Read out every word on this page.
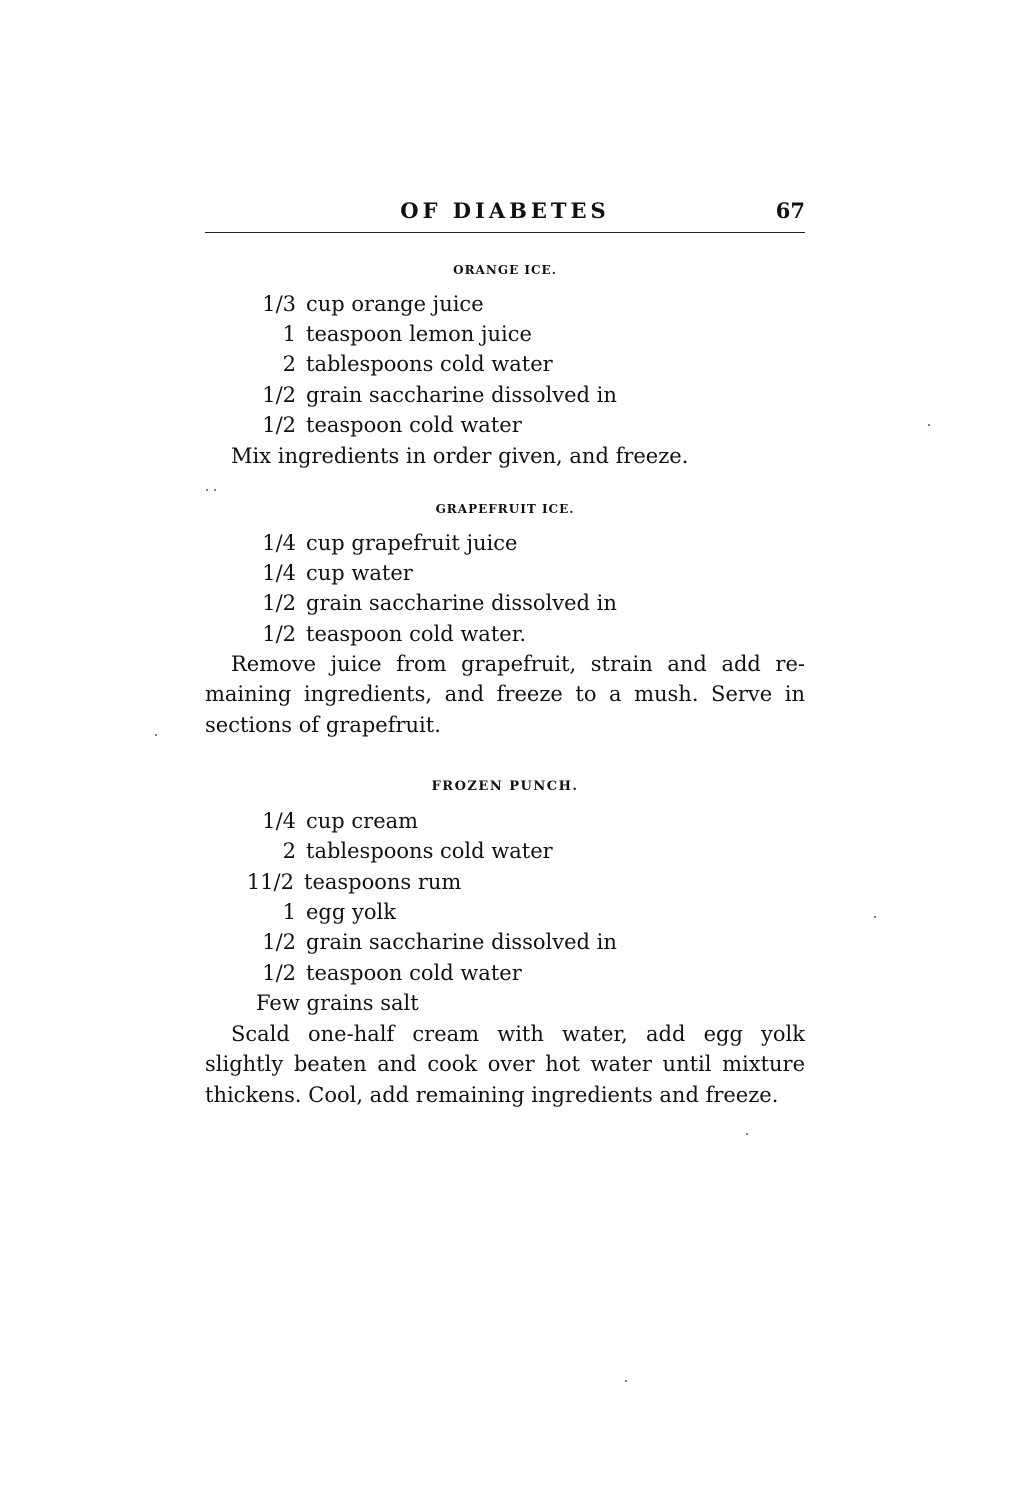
OF DIABETES	67
ORANGE ICE.
1/3 cup orange juice
1 teaspoon lemon juice
2 tablespoons cold water
1/2 grain saccharine dissolved in
1/2 teaspoon cold water
Mix ingredients in order given, and freeze.
GRAPEFRUIT ICE.
1/4 cup grapefruit juice
1/4 cup water
1/2 grain saccharine dissolved in
1/2 teaspoon cold water.
Remove juice from grapefruit, strain and add re-maining ingredients, and freeze to a mush. Serve in sections of grapefruit.
FROZEN PUNCH.
1/4 cup cream
2 tablespoons cold water
11/2 teaspoons rum
1 egg yolk
1/2 grain saccharine dissolved in
1/2 teaspoon cold water
Few grains salt
Scald one-half cream with water, add egg yolk slightly beaten and cook over hot water until mixture thickens. Cool, add remaining ingredients and freeze.
